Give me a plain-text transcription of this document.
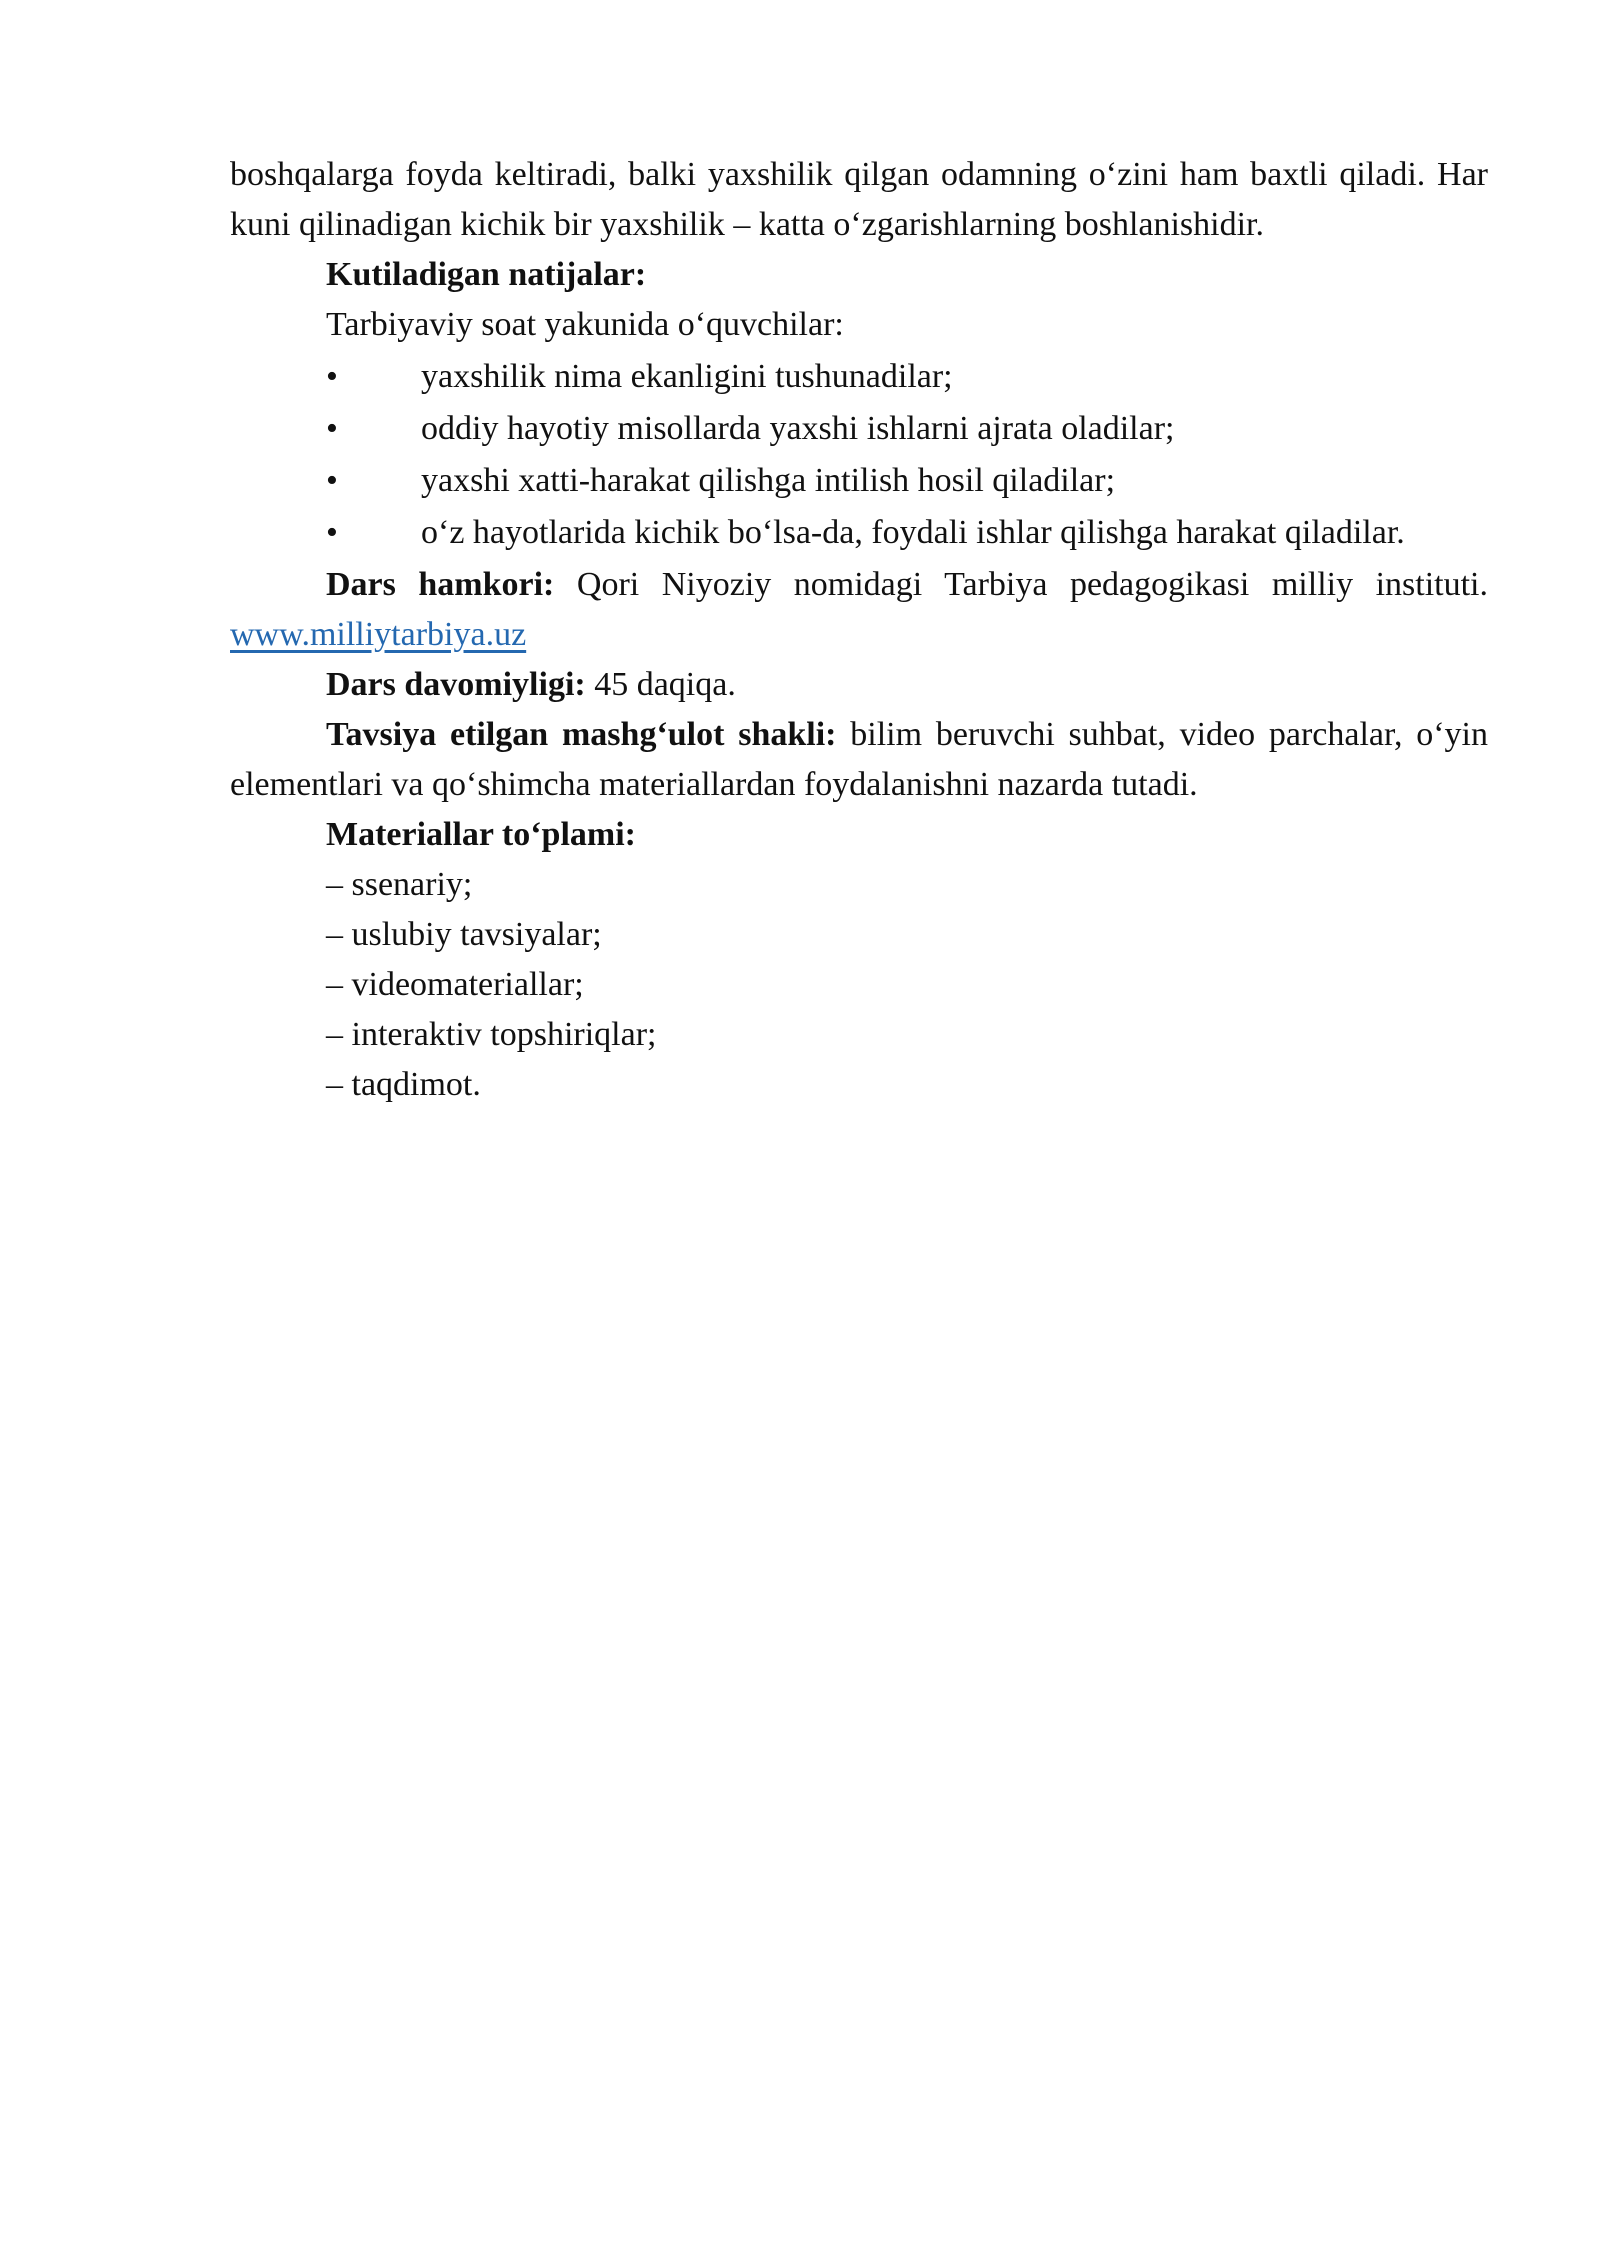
boshqalarga foyda keltiradi, balki yaxshilik qilgan odamning o‘zini ham baxtli qiladi. Har kuni qilinadigan kichik bir yaxshilik – katta o‘zgarishlarning boshlanishidir.

Kutiladigan natijalar:

Tarbiyaviy soat yakunida o‘quvchilar:

• yaxshilik nima ekanligini tushunadilar;
• oddiy hayotiy misollarda yaxshi ishlarni ajrata oladilar;
• yaxshi xatti-harakat qilishga intilish hosil qiladilar;
• o‘z hayotlarida kichik bo‘lsa-da, foydali ishlar qilishga harakat qiladilar.

Dars hamkori: Qori Niyoziy nomidagi Tarbiya pedagogikasi milliy instituti. www.milliytarbiya.uz

Dars davomiyligi: 45 daqiqa.

Tavsiya etilgan mashg‘ulot shakli: bilim beruvchi suhbat, video parchalar, o‘yin elementlari va qo‘shimcha materiallardan foydalanishni nazarda tutadi.

Materiallar to‘plami:

– ssenariy;

– uslubiy tavsiyalar;

– videomateriallar;

– interaktiv topshiriqlar;

– taqdimot.
